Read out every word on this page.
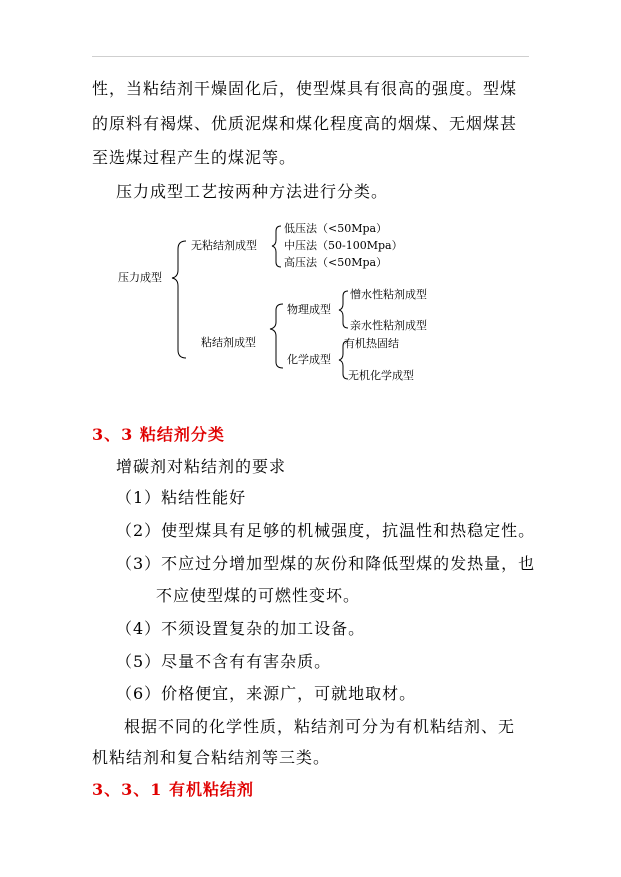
性，当粘结剂干燥固化后，使型煤具有很高的强度。型煤
的原料有褐煤、优质泥煤和煤化程度高的烟煤、无烟煤甚
至选煤过程产生的煤泥等。
压力成型工艺按两种方法进行分类。
压力成型
无粘结剂成型
低压法（<50Mpa）
中压法（50-100Mpa）
高压法（<50Mpa）
粘结剂成型
物理成型
憎水性粘剂成型
亲水性粘剂成型
化学成型
有机热固结
无机化学成型
3、3 粘结剂分类
增碳剂对粘结剂的要求
（1）粘结性能好
（2）使型煤具有足够的机械强度，抗温性和热稳定性。
（3）不应过分增加型煤的灰份和降低型煤的发热量，也
不应使型煤的可燃性变坏。
（4）不须设置复杂的加工设备。
（5）尽量不含有有害杂质。
（6）价格便宜，来源广，可就地取材。
根据不同的化学性质，粘结剂可分为有机粘结剂、无
机粘结剂和复合粘结剂等三类。
3、3、1 有机粘结剂
